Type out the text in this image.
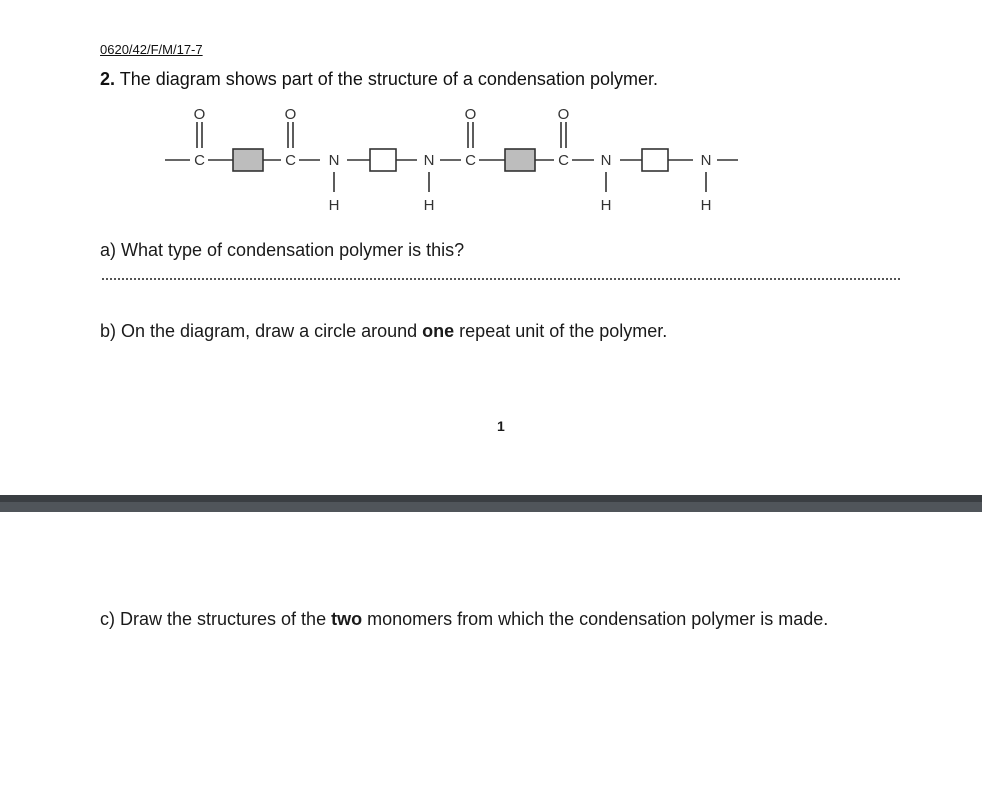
0620/42/F/M/17-7
2. The diagram shows part of the structure of a condensation polymer.
O	O	O	O
C	C	C	C
N	N	N	N
H	H	H	H
a) What type of condensation polymer is this?
b) On the diagram, draw a circle around one repeat unit of the polymer.
1
c) Draw the structures of the two monomers from which the condensation polymer is made.
